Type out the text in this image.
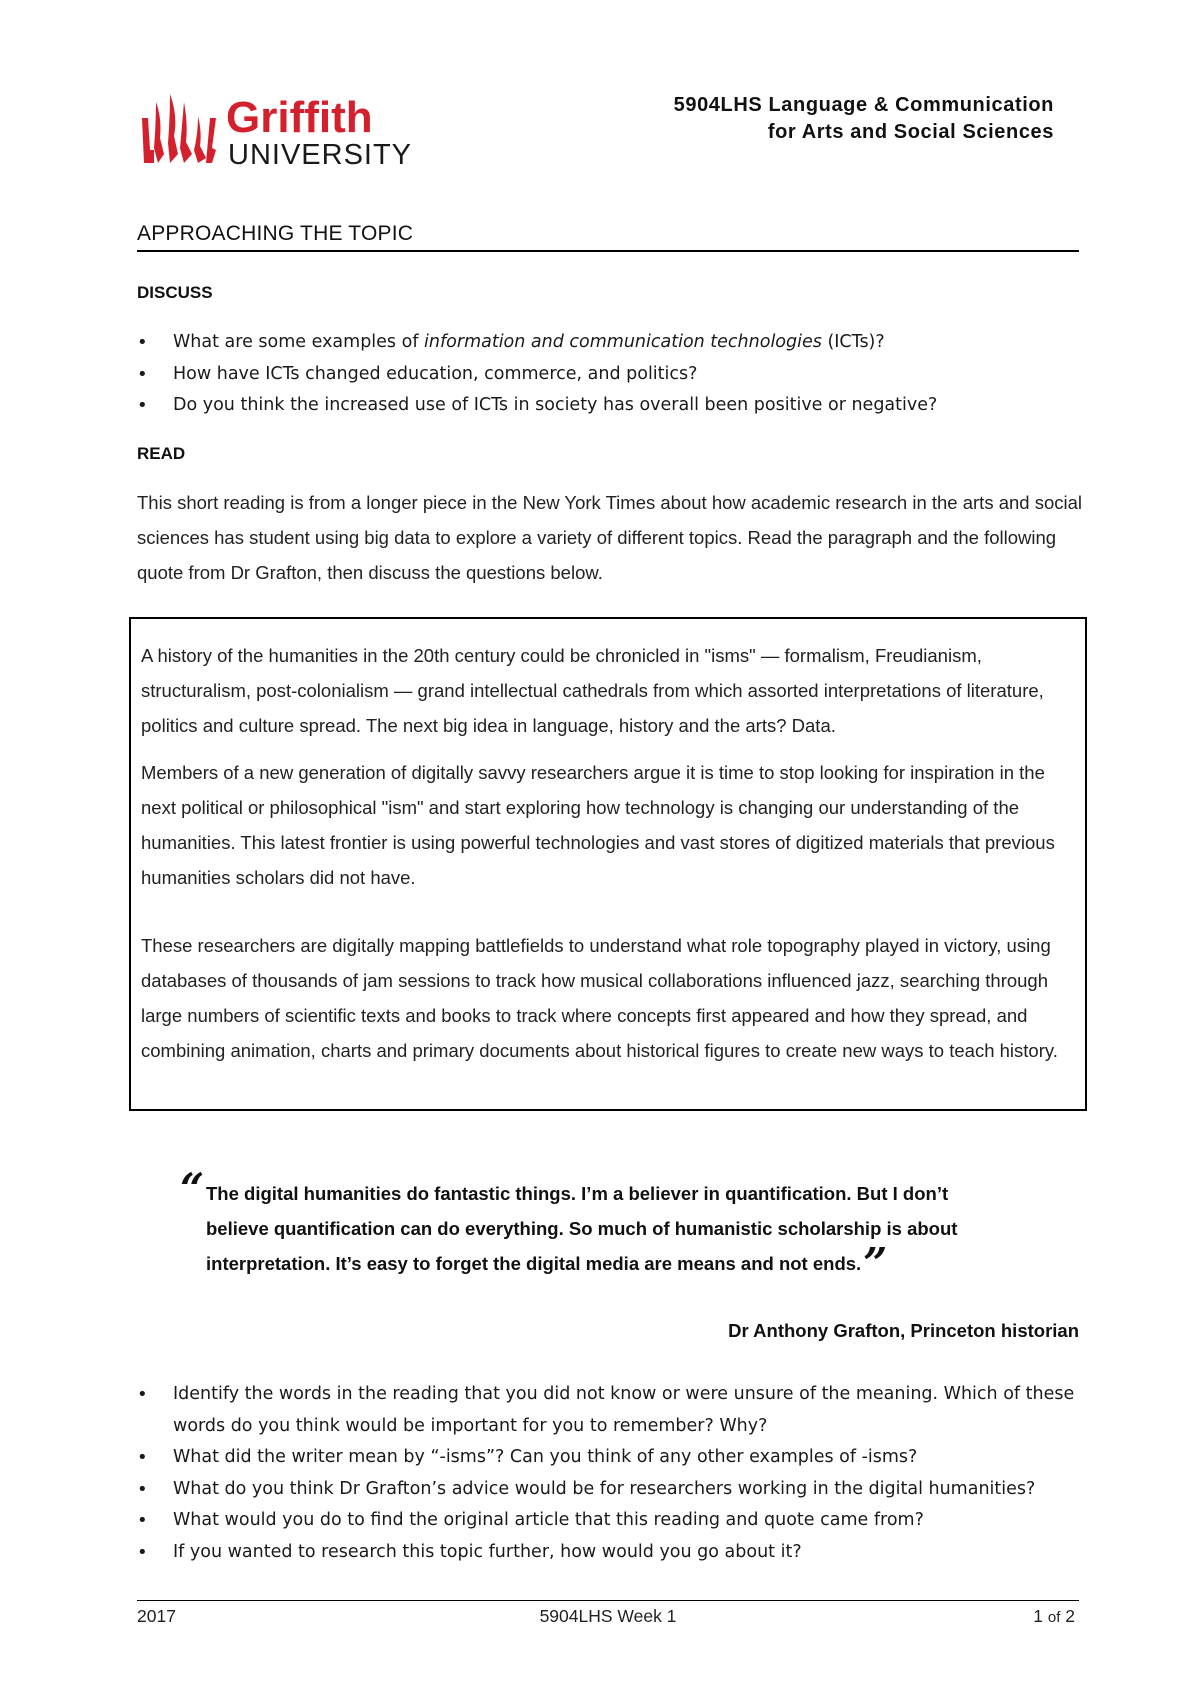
Griffith
UNIVERSITY
5904LHS Language & Communication
for Arts and Social Sciences
APPROACHING THE TOPIC
DISCUSS
• What are some examples of information and communication technologies (ICTs)?
• How have ICTs changed education, commerce, and politics?
• Do you think the increased use of ICTs in society has overall been positive or negative?
READ

This short reading is from a longer piece in the New York Times about how academic research in the arts and social sciences has student using big data to explore a variety of different topics. Read the paragraph and the following quote from Dr Grafton, then discuss the questions below.

A history of the humanities in the 20th century could be chronicled in "isms" — formalism, Freudianism, structuralism, post-colonialism — grand intellectual cathedrals from which assorted interpretations of literature, politics and culture spread. The next big idea in language, history and the arts? Data.

Members of a new generation of digitally savvy researchers argue it is time to stop looking for inspiration in the next political or philosophical "ism" and start exploring how technology is changing our understanding of the humanities. This latest frontier is using powerful technologies and vast stores of digitized materials that previous humanities scholars did not have.

These researchers are digitally mapping battlefields to understand what role topography played in victory, using databases of thousands of jam sessions to track how musical collaborations influenced jazz, searching through large numbers of scientific texts and books to track where concepts first appeared and how they spread, and combining animation, charts and primary documents about historical figures to create new ways to teach history.

“ The digital humanities do fantastic things. I’m a believer in quantification. But I don’t believe quantification can do everything. So much of humanistic scholarship is about interpretation. It’s easy to forget the digital media are means and not ends.”
Dr Anthony Grafton, Princeton historian
• Identify the words in the reading that you did not know or were unsure of the meaning. Which of these words do you think would be important for you to remember? Why?
• What did the writer mean by “-isms”? Can you think of any other examples of -isms?
• What do you think Dr Grafton’s advice would be for researchers working in the digital humanities?
• What would you do to find the original article that this reading and quote came from?
• If you wanted to research this topic further, how would you go about it?
2017	5904LHS Week 1	1 of 2
